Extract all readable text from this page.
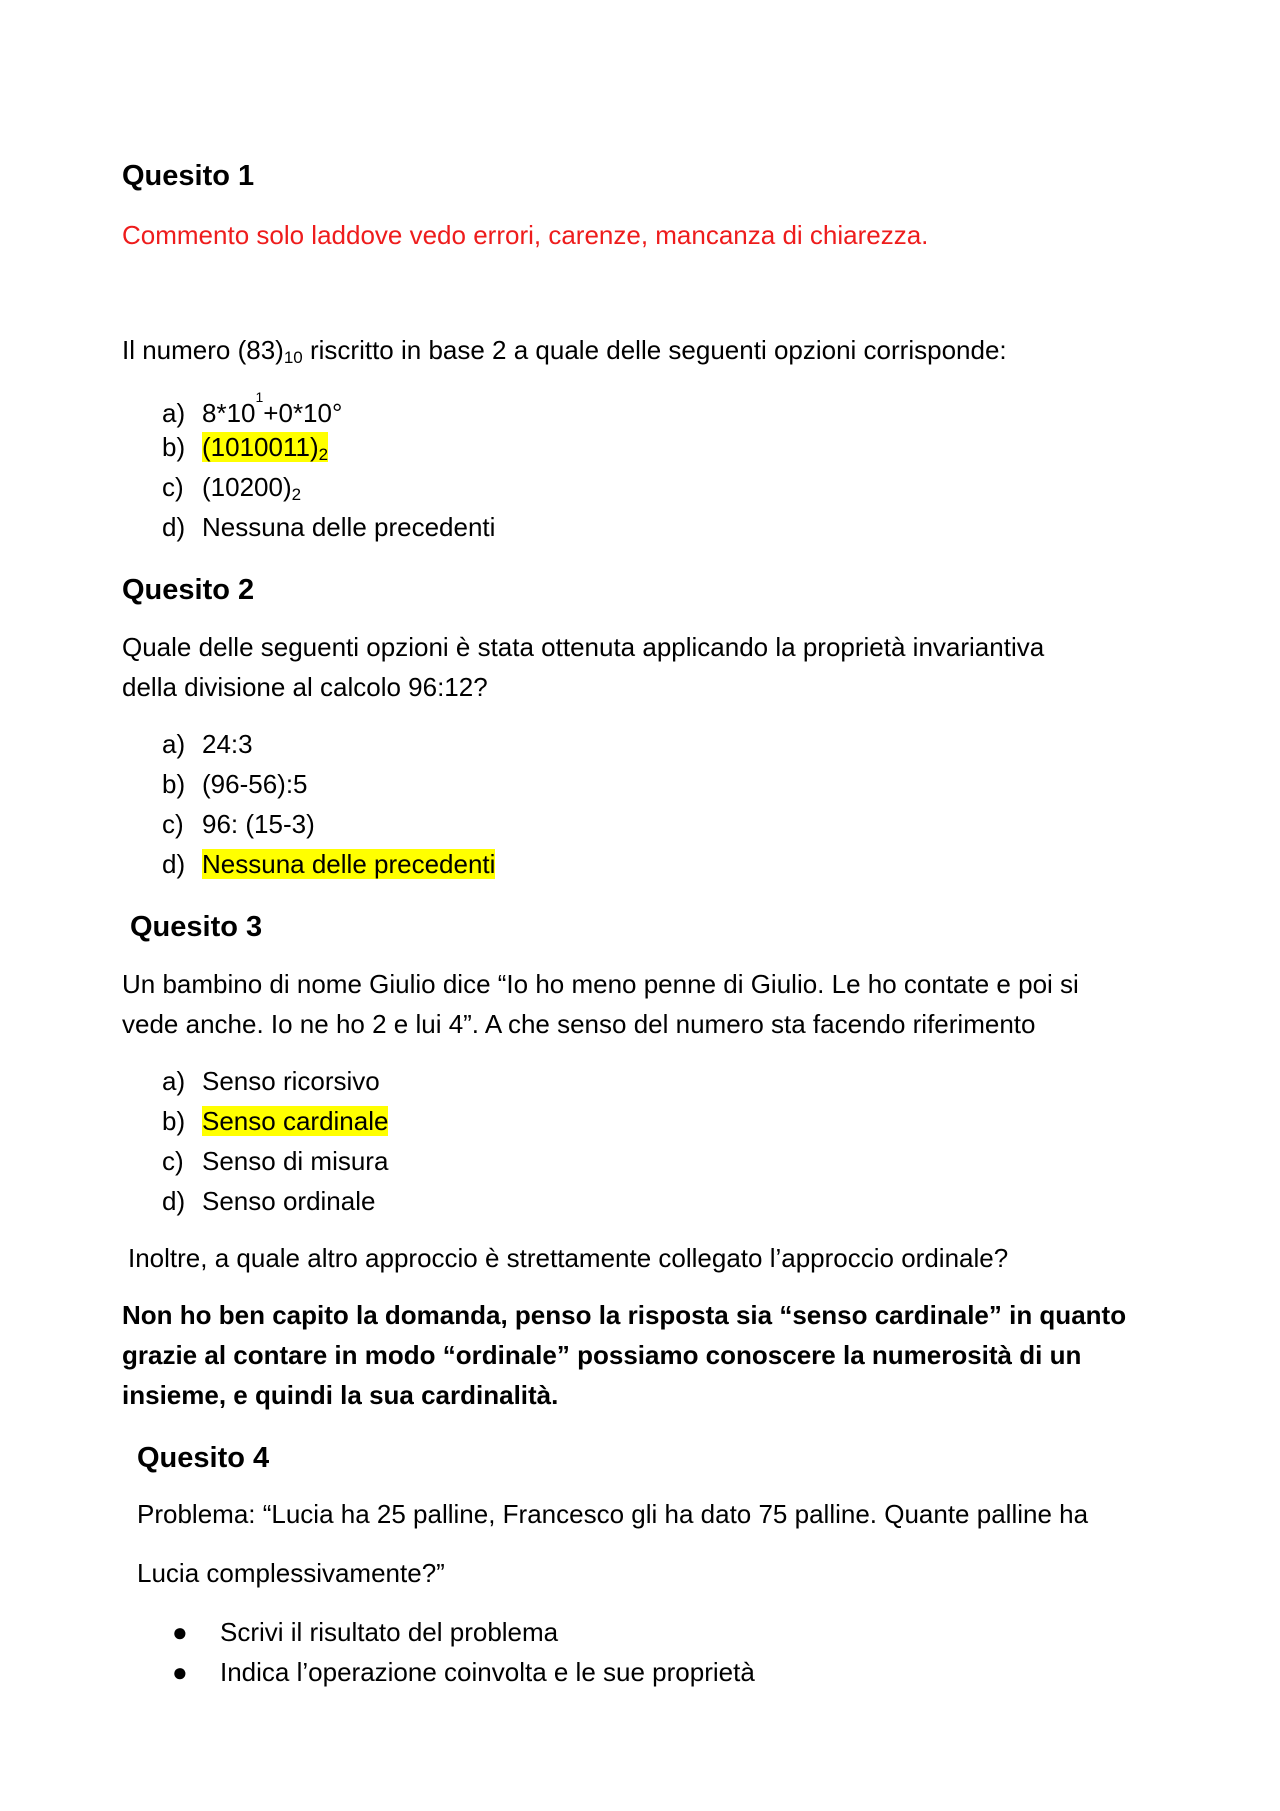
Quesito 1
Commento solo laddove vedo errori, carenze, mancanza di chiarezza.
Il numero (83)10 riscritto in base 2 a quale delle seguenti opzioni corrisponde:
a) $8*10^1+0*10^\circ$
b) (1010011)2
c) (10200)2
d) Nessuna delle precedenti
Quesito 2
Quale delle seguenti opzioni è stata ottenuta applicando la proprietà invariantiva
della divisione al calcolo 96:12?
a) 24:3
b) (96-56):5
c) 96: (15-3)
d) Nessuna delle precedenti
Quesito 3
Un bambino di nome Giulio dice “Io ho meno penne di Giulio. Le ho contate e poi si
vede anche. Io ne ho 2 e lui 4”. A che senso del numero sta facendo riferimento
a) Senso ricorsivo
b) Senso cardinale
c) Senso di misura
d) Senso ordinale
Inoltre, a quale altro approccio è strettamente collegato l’approccio ordinale?
Non ho ben capito la domanda, penso la risposta sia “senso cardinale” in quanto
grazie al contare in modo “ordinale” possiamo conoscere la numerosità di un
insieme, e quindi la sua cardinalità.
Quesito 4
Problema: “Lucia ha 25 palline, Francesco gli ha dato 75 palline. Quante palline ha
Lucia complessivamente?”
● Scrivi il risultato del problema
● Indica l’operazione coinvolta e le sue proprietà
